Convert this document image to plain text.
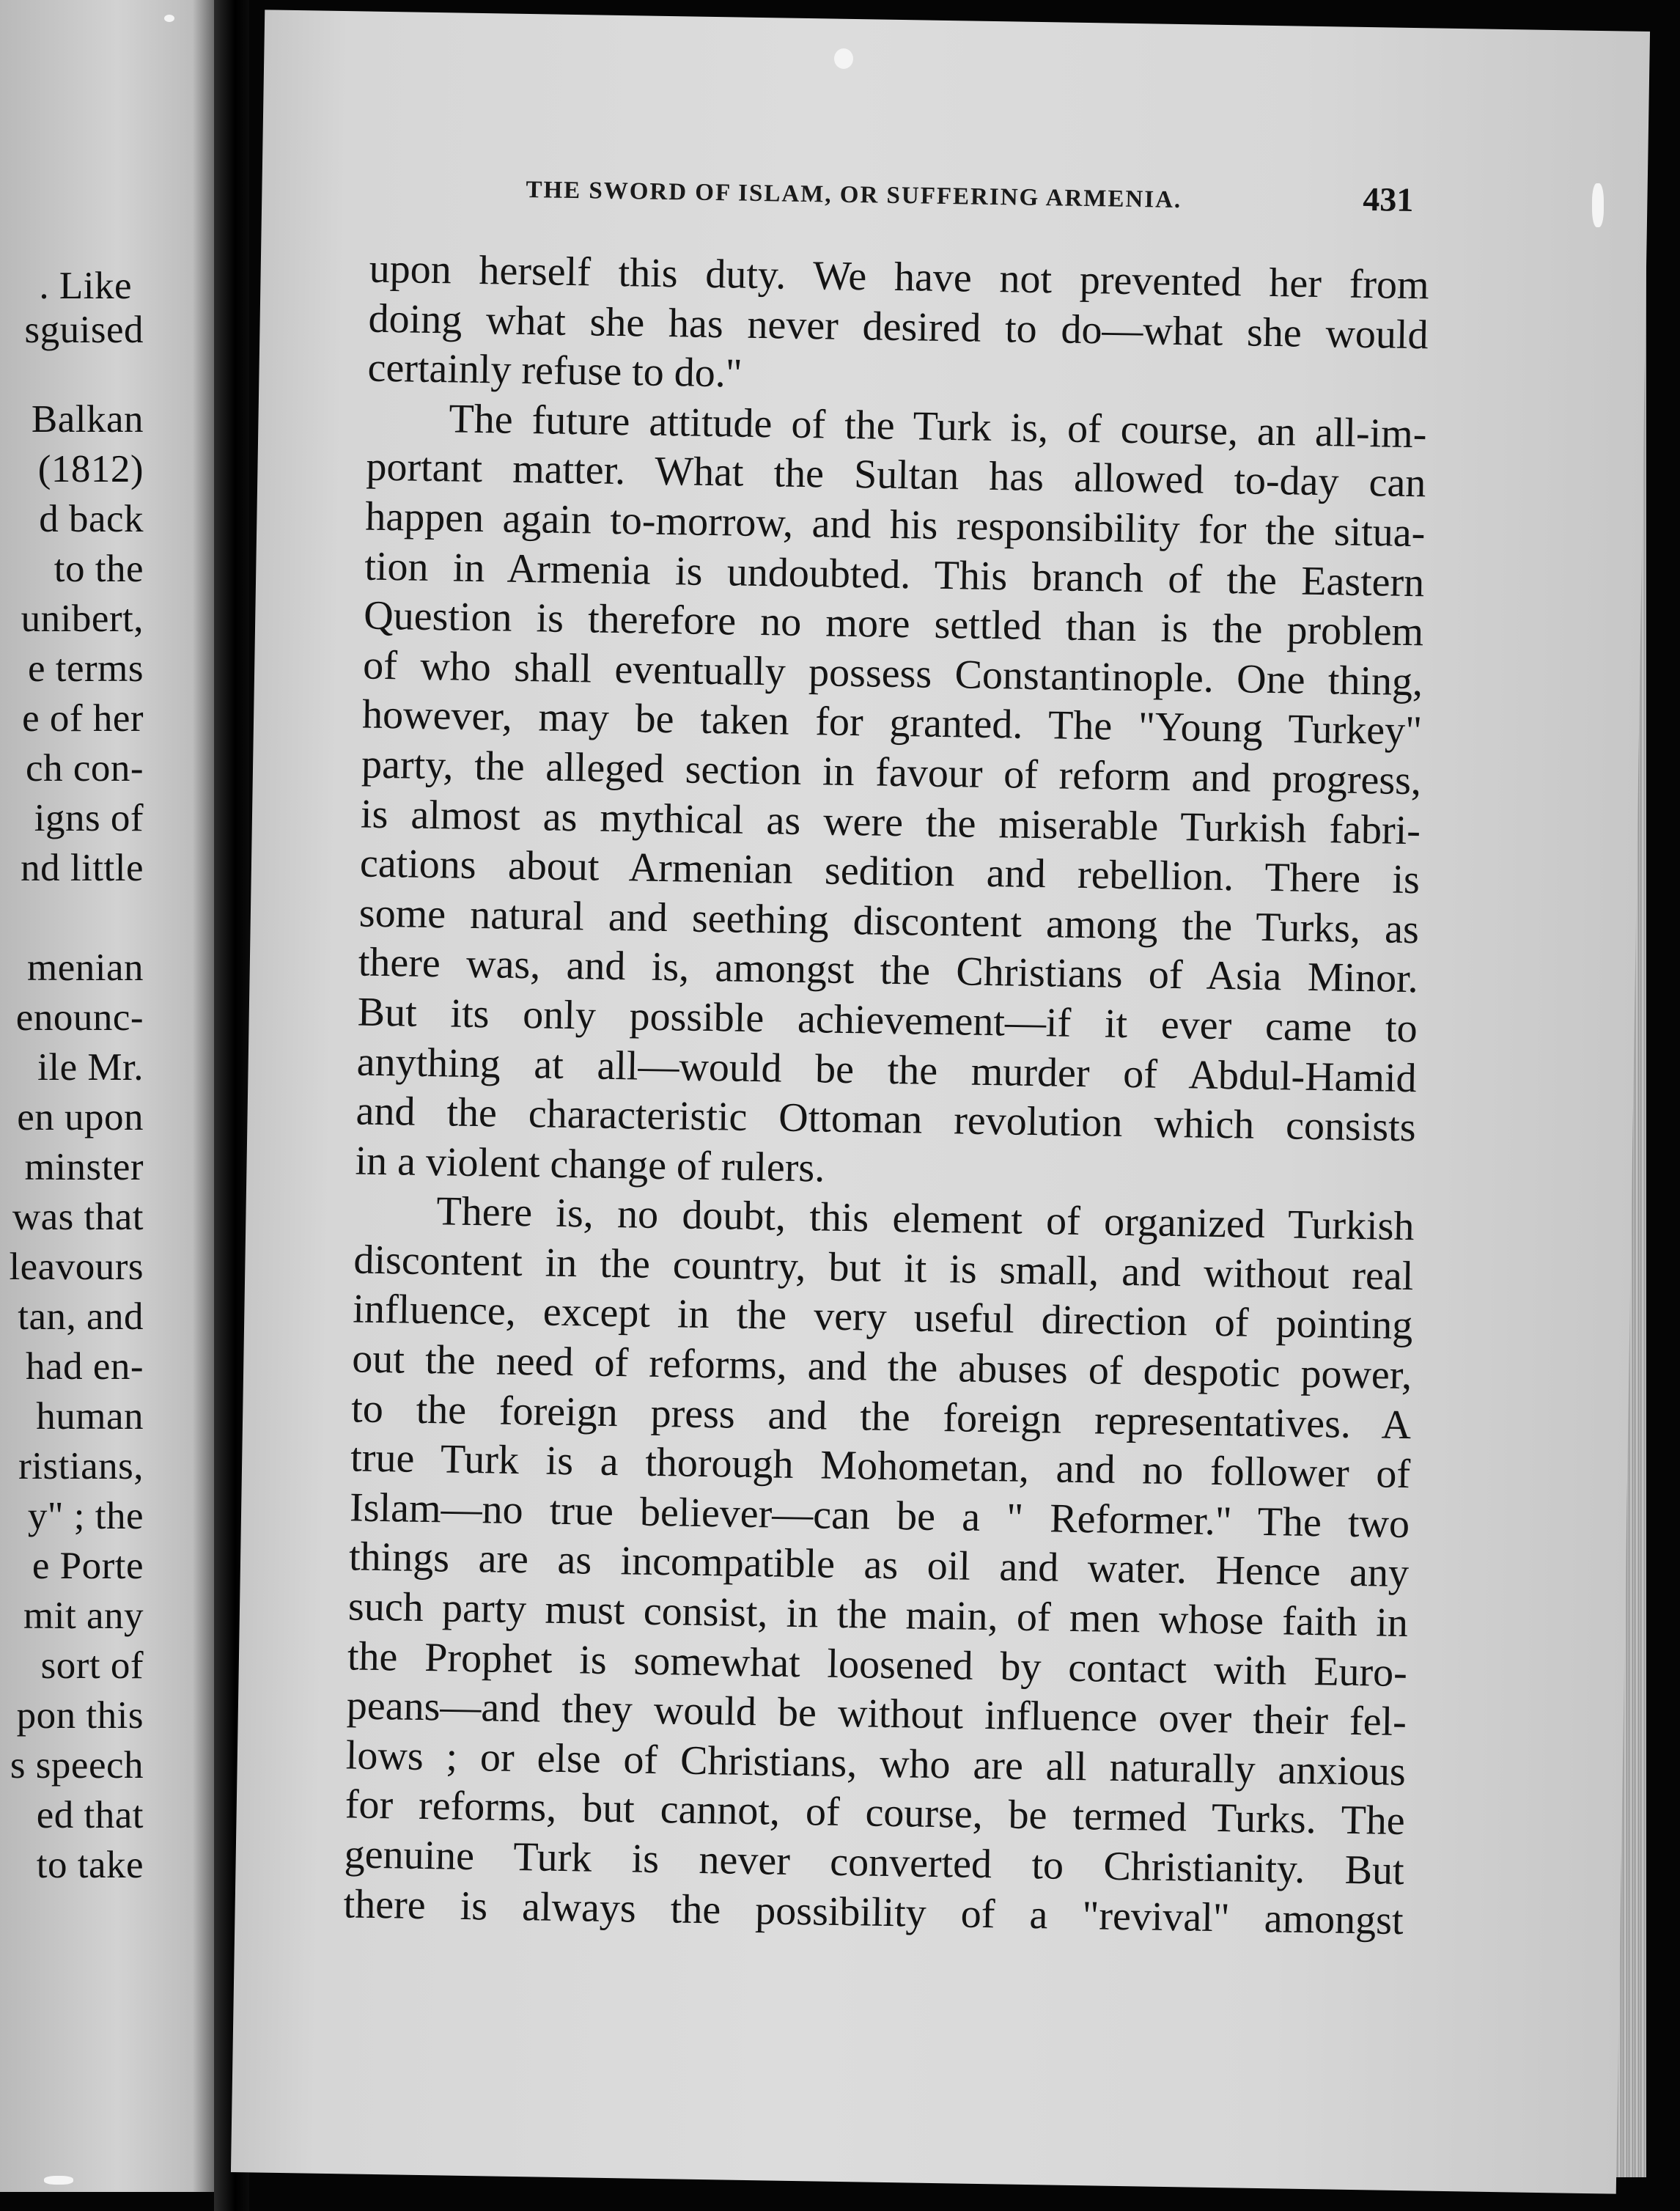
. Like
sguised
Balkan
(1812)
d back
to the
unibert,
e terms
e of her
ch con-
igns of
nd little
menian
enounc-
ile Mr.
en upon
minster
was that
leavours
tan, and
had en-
human
ristians,
y" ; the
e Porte
mit any
sort of
pon this
s speech
ed that
to take
THE SWORD OF ISLAM, OR SUFFERING ARMENIA.	431
upon herself this duty. We have not prevented her from
doing what she has never desired to do—what she would
certainly refuse to do."
The future attitude of the Turk is, of course, an all-im-
portant matter. What the Sultan has allowed to-day can
happen again to-morrow, and his responsibility for the situa-
tion in Armenia is undoubted. This branch of the Eastern
Question is therefore no more settled than is the problem
of who shall eventually possess Constantinople. One thing,
however, may be taken for granted. The "Young Turkey"
party, the alleged section in favour of reform and progress,
is almost as mythical as were the miserable Turkish fabri-
cations about Armenian sedition and rebellion. There is
some natural and seething discontent among the Turks, as
there was, and is, amongst the Christians of Asia Minor.
But its only possible achievement—if it ever came to
anything at all—would be the murder of Abdul-Hamid
and the characteristic Ottoman revolution which consists
in a violent change of rulers.
There is, no doubt, this element of organized Turkish
discontent in the country, but it is small, and without real
influence, except in the very useful direction of pointing
out the need of reforms, and the abuses of despotic power,
to the foreign press and the foreign representatives. A
true Turk is a thorough Mohometan, and no follower of
Islam—no true believer—can be a " Reformer." The two
things are as incompatible as oil and water. Hence any
such party must consist, in the main, of men whose faith in
the Prophet is somewhat loosened by contact with Euro-
peans—and they would be without influence over their fel-
lows ; or else of Christians, who are all naturally anxious
for reforms, but cannot, of course, be termed Turks. The
genuine Turk is never converted to Christianity. But
there is always the possibility of a "revival" amongst
